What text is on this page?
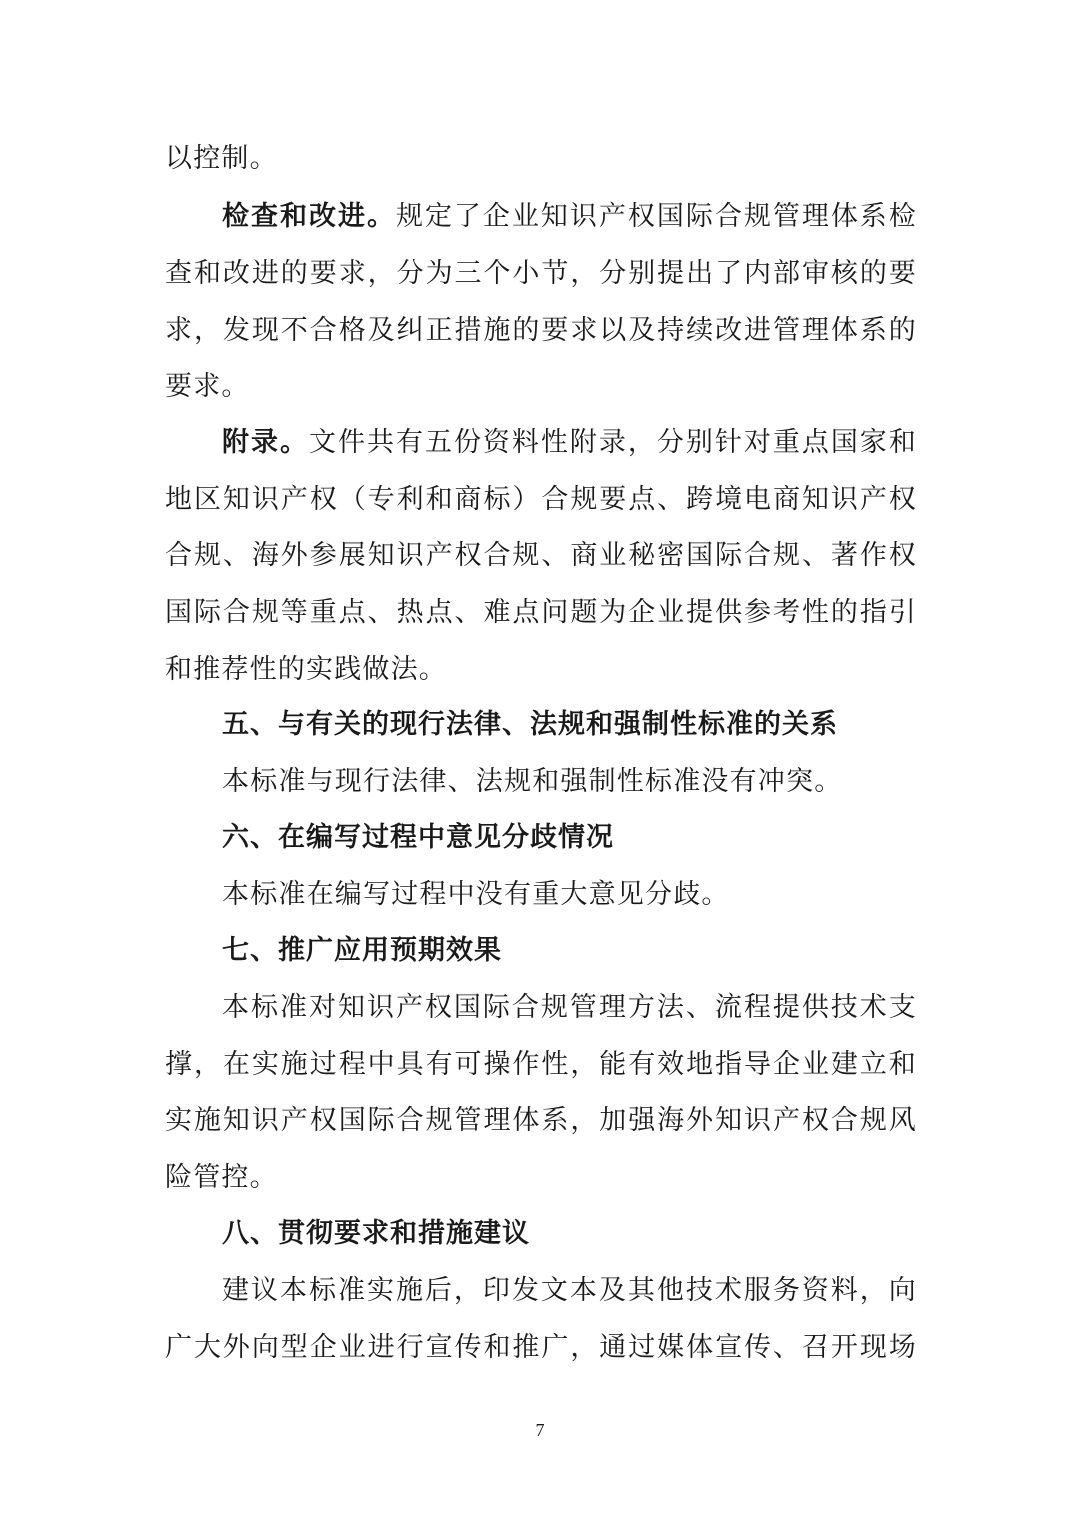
以控制。
检查和改进。规定了企业知识产权国际合规管理体系检
查和改进的要求，分为三个小节，分别提出了内部审核的要
求，发现不合格及纠正措施的要求以及持续改进管理体系的
要求。
附录。文件共有五份资料性附录，分别针对重点国家和
地区知识产权（专利和商标）合规要点、跨境电商知识产权
合规、海外参展知识产权合规、商业秘密国际合规、著作权
国际合规等重点、热点、难点问题为企业提供参考性的指引
和推荐性的实践做法。
五、与有关的现行法律、法规和强制性标准的关系
本标准与现行法律、法规和强制性标准没有冲突。
六、在编写过程中意见分歧情况
本标准在编写过程中没有重大意见分歧。
七、推广应用预期效果
本标准对知识产权国际合规管理方法、流程提供技术支
撑，在实施过程中具有可操作性，能有效地指导企业建立和
实施知识产权国际合规管理体系，加强海外知识产权合规风
险管控。
八、贯彻要求和措施建议
建议本标准实施后，印发文本及其他技术服务资料，向
广大外向型企业进行宣传和推广，通过媒体宣传、召开现场
7
